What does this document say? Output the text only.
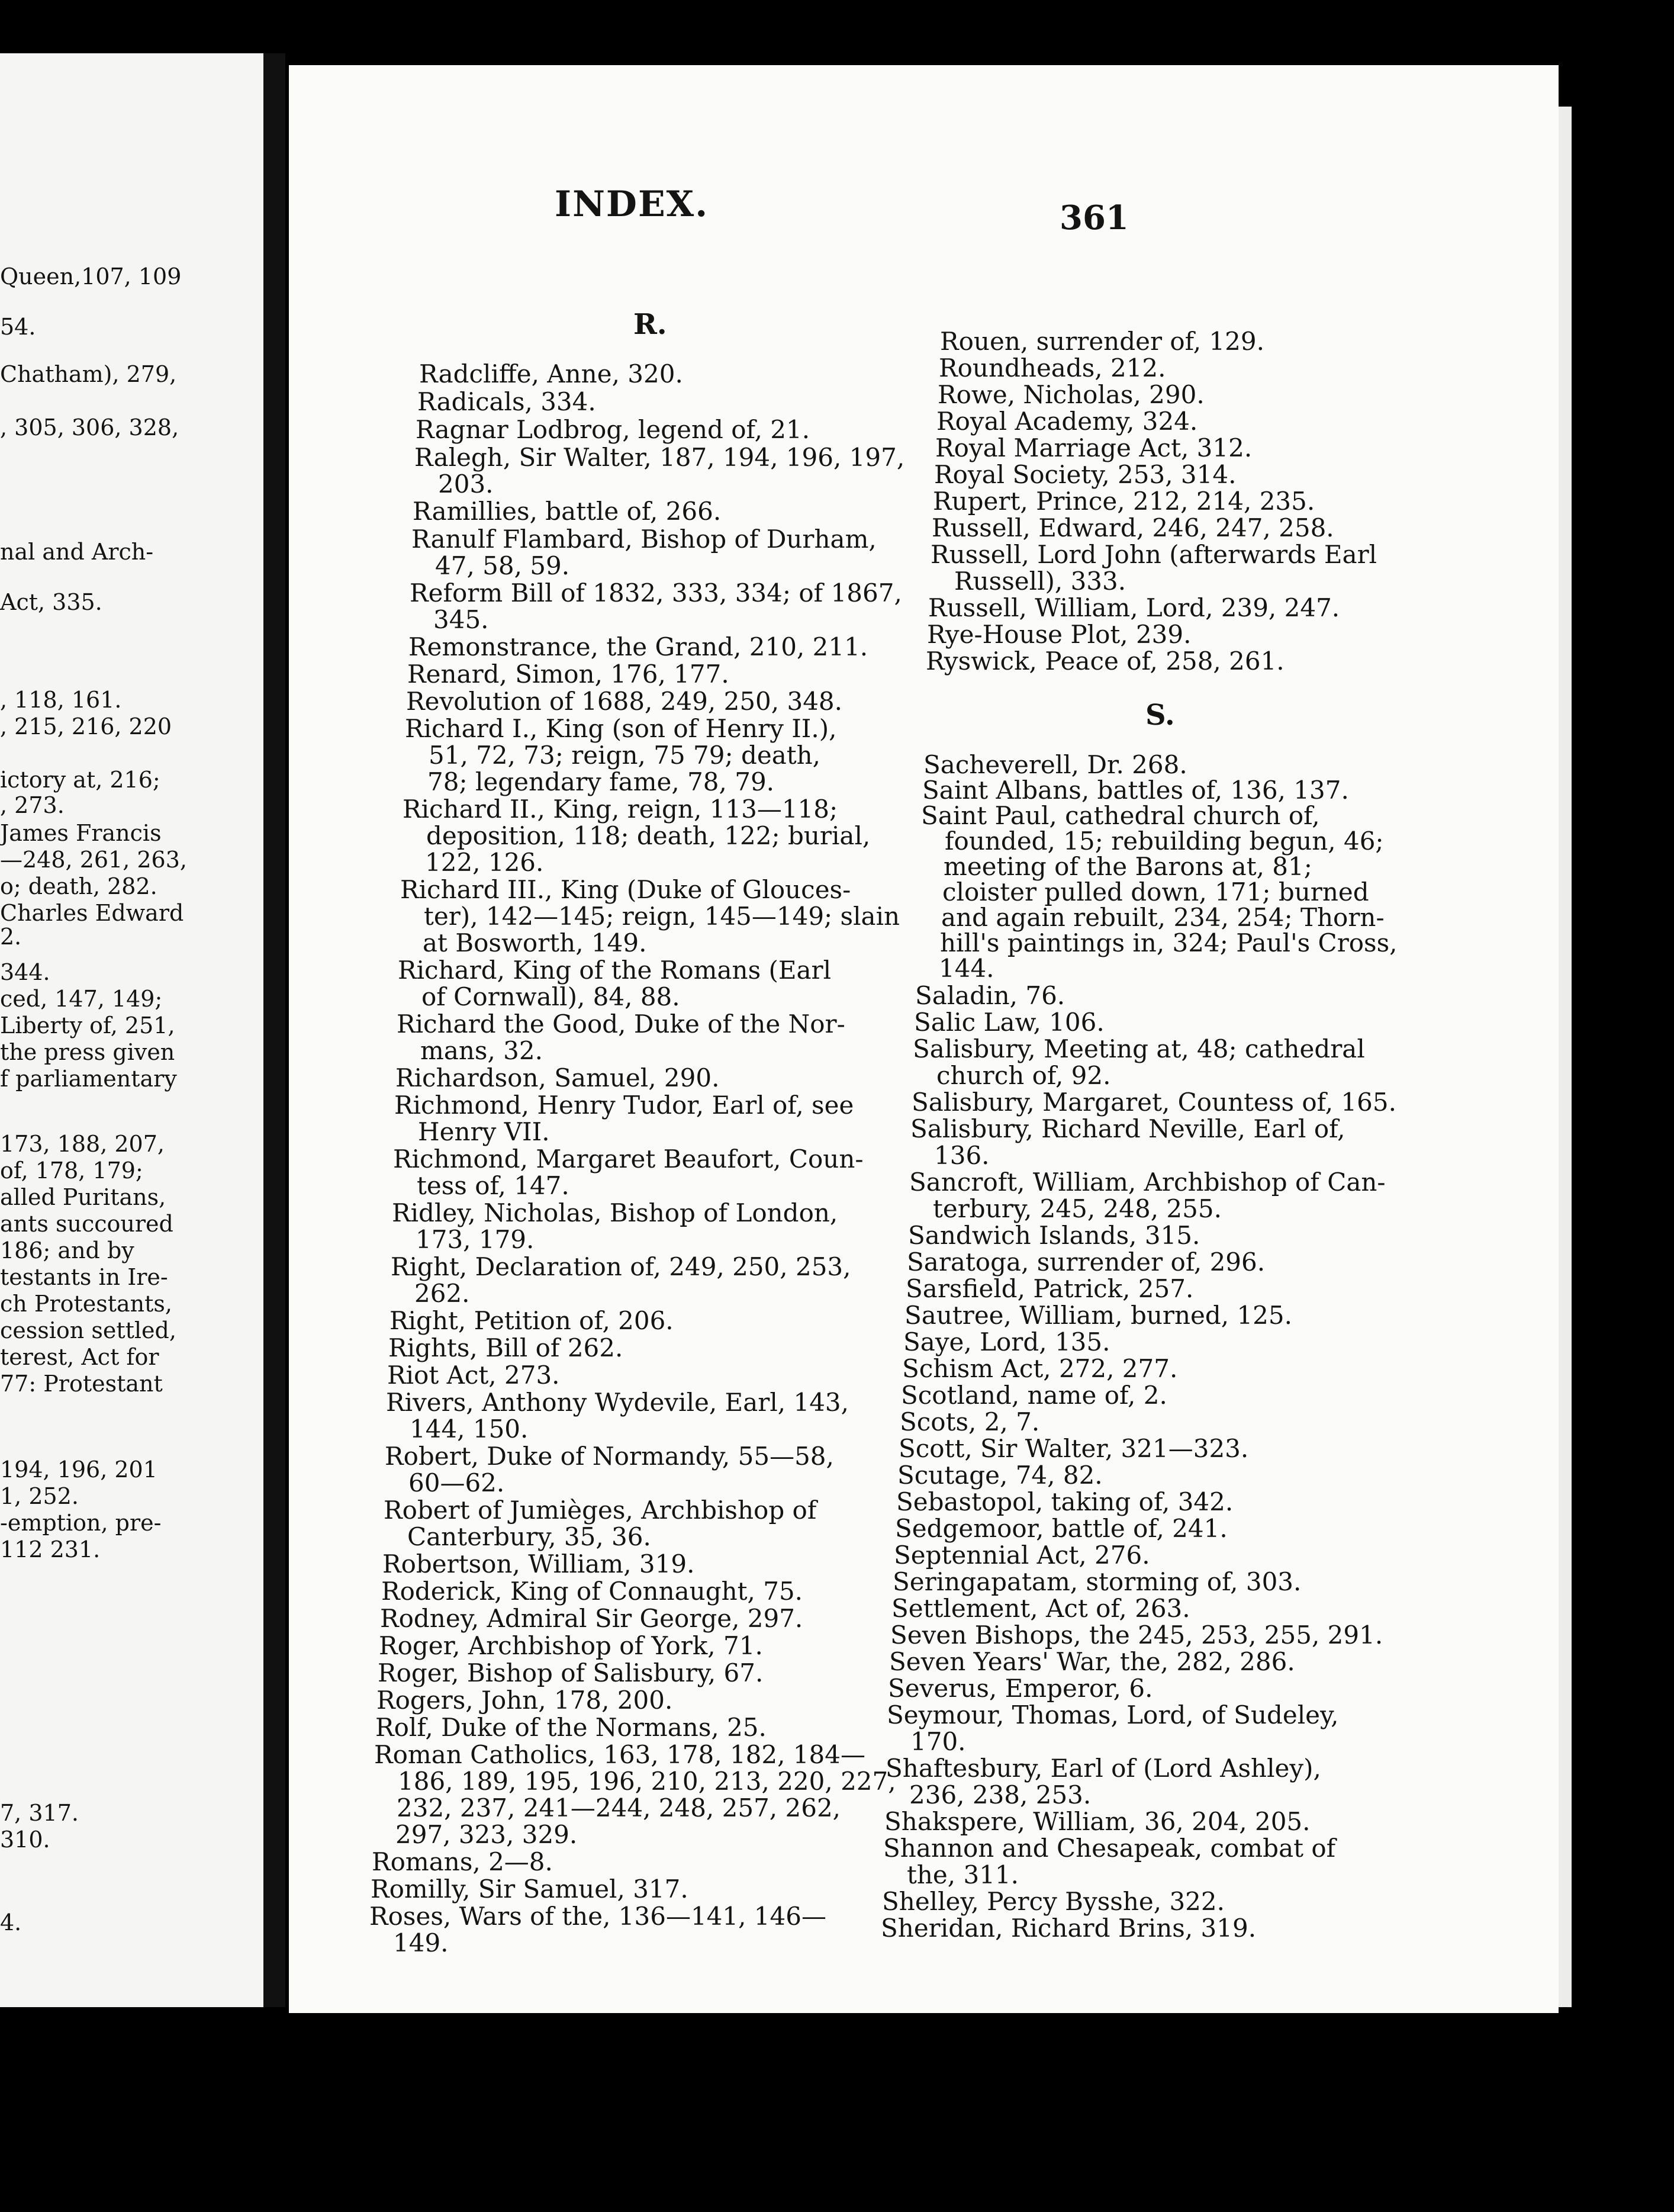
Queen,107, 109
54.
Chatham), 279,
, 305, 306, 328,
nal and Arch-
Act, 335.
, 118, 161.
, 215, 216, 220
ictory at, 216;
, 273.
James Francis
—248, 261, 263,
o; death, 282.
Charles Edward
2.
344.
ced, 147, 149;
Liberty of, 251,
the press given
f parliamentary
173, 188, 207,
of, 178, 179;
alled Puritans,
ants succoured
186; and by
testants in Ire-
ch Protestants,
cession settled,
terest, Act for
77: Protestant
194, 196, 201
1, 252.
-emption, pre-
112 231.
7, 317.
310.
4.
INDEX.	361
R.
S.
Radcliffe, Anne, 320.
Radicals, 334.
Ragnar Lodbrog, legend of, 21.
Ralegh, Sir Walter, 187, 194, 196, 197,
203.
Ramillies, battle of, 266.
Ranulf Flambard, Bishop of Durham,
47, 58, 59.
Reform Bill of 1832, 333, 334; of 1867,
345.
Remonstrance, the Grand, 210, 211.
Renard, Simon, 176, 177.
Revolution of 1688, 249, 250, 348.
Richard I., King (son of Henry II.),
51, 72, 73; reign, 75 79; death,
78; legendary fame, 78, 79.
Richard II., King, reign, 113—118;
deposition, 118; death, 122; burial,
122, 126.
Richard III., King (Duke of Glouces-
ter), 142—145; reign, 145—149; slain
at Bosworth, 149.
Richard, King of the Romans (Earl
of Cornwall), 84, 88.
Richard the Good, Duke of the Nor-
mans, 32.
Richardson, Samuel, 290.
Richmond, Henry Tudor, Earl of, see
Henry VII.
Richmond, Margaret Beaufort, Coun-
tess of, 147.
Ridley, Nicholas, Bishop of London,
173, 179.
Right, Declaration of, 249, 250, 253,
262.
Right, Petition of, 206.
Rights, Bill of 262.
Riot Act, 273.
Rivers, Anthony Wydevile, Earl, 143,
144, 150.
Robert, Duke of Normandy, 55—58,
60—62.
Robert of Jumièges, Archbishop of
Canterbury, 35, 36.
Robertson, William, 319.
Roderick, King of Connaught, 75.
Rodney, Admiral Sir George, 297.
Roger, Archbishop of York, 71.
Roger, Bishop of Salisbury, 67.
Rogers, John, 178, 200.
Rolf, Duke of the Normans, 25.
Roman Catholics, 163, 178, 182, 184—
186, 189, 195, 196, 210, 213, 220, 227,
232, 237, 241—244, 248, 257, 262,
297, 323, 329.
Romans, 2—8.
Romilly, Sir Samuel, 317.
Roses, Wars of the, 136—141, 146—
149.
Rouen, surrender of, 129.
Roundheads, 212.
Rowe, Nicholas, 290.
Royal Academy, 324.
Royal Marriage Act, 312.
Royal Society, 253, 314.
Rupert, Prince, 212, 214, 235.
Russell, Edward, 246, 247, 258.
Russell, Lord John (afterwards Earl
Russell), 333.
Russell, William, Lord, 239, 247.
Rye-House Plot, 239.
Ryswick, Peace of, 258, 261.
Sacheverell, Dr. 268.
Saint Albans, battles of, 136, 137.
Saint Paul, cathedral church of,
founded, 15; rebuilding begun, 46;
meeting of the Barons at, 81;
cloister pulled down, 171; burned
and again rebuilt, 234, 254; Thorn-
hill's paintings in, 324; Paul's Cross,
144.
Saladin, 76.
Salic Law, 106.
Salisbury, Meeting at, 48; cathedral
church of, 92.
Salisbury, Margaret, Countess of, 165.
Salisbury, Richard Neville, Earl of,
136.
Sancroft, William, Archbishop of Can-
terbury, 245, 248, 255.
Sandwich Islands, 315.
Saratoga, surrender of, 296.
Sarsfield, Patrick, 257.
Sautree, William, burned, 125.
Saye, Lord, 135.
Schism Act, 272, 277.
Scotland, name of, 2.
Scots, 2, 7.
Scott, Sir Walter, 321—323.
Scutage, 74, 82.
Sebastopol, taking of, 342.
Sedgemoor, battle of, 241.
Septennial Act, 276.
Seringapatam, storming of, 303.
Settlement, Act of, 263.
Seven Bishops, the 245, 253, 255, 291.
Seven Years' War, the, 282, 286.
Severus, Emperor, 6.
Seymour, Thomas, Lord, of Sudeley,
170.
Shaftesbury, Earl of (Lord Ashley),
236, 238, 253.
Shakspere, William, 36, 204, 205.
Shannon and Chesapeak, combat of
the, 311.
Shelley, Percy Bysshe, 322.
Sheridan, Richard Brins, 319.
